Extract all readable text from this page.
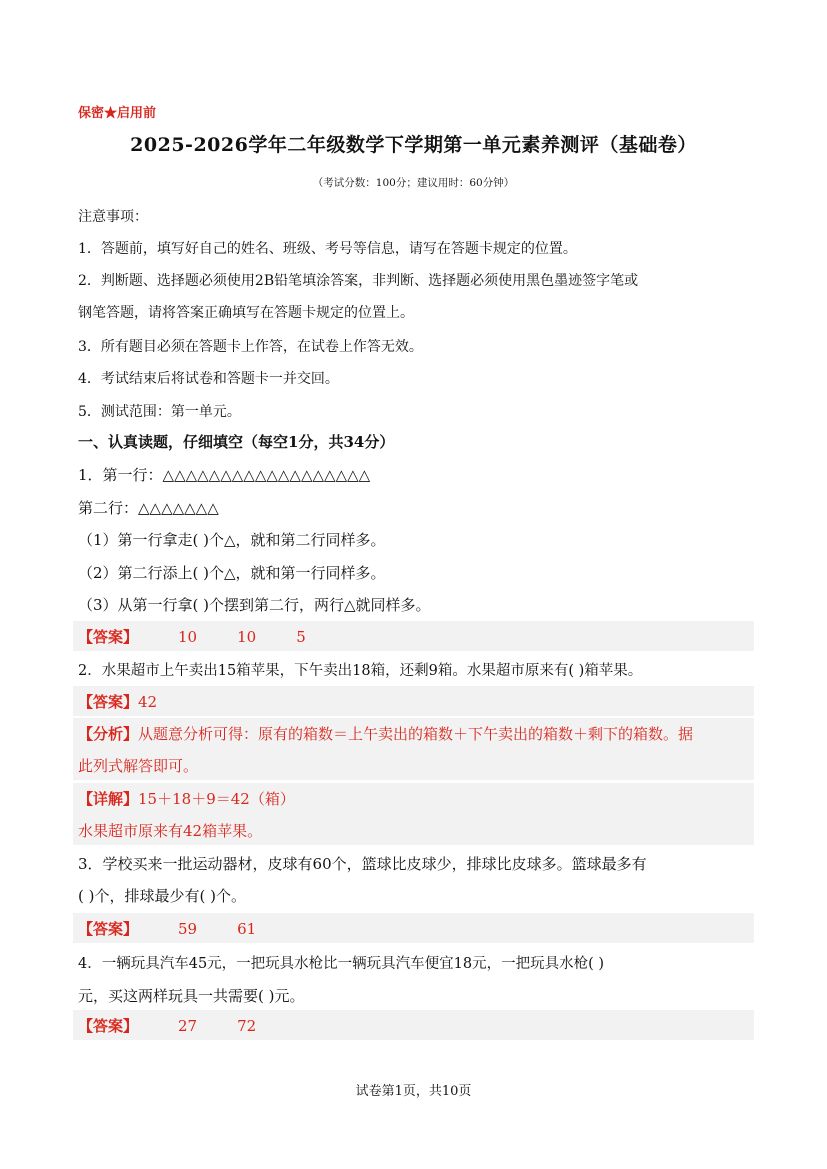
保密★启用前
2025-2026学年二年级数学下学期第一单元素养测评（基础卷）
（考试分数：100分；建议用时：60分钟）
注意事项：
1．答题前，填写好自己的姓名、班级、考号等信息，请写在答题卡规定的位置。
2．判断题、选择题必须使用2B铅笔填涂答案，非判断、选择题必须使用黑色墨迹签字笔或
钢笔答题，请将答案正确填写在答题卡规定的位置上。
3．所有题目必须在答题卡上作答，在试卷上作答无效。
4．考试结束后将试卷和答题卡一并交回。
5．测试范围：第一单元。
一、认真读题，仔细填空（每空1分，共34分）
1．第一行：△△△△△△△△△△△△△△△△△△
第二行：△△△△△△△
（1）第一行拿走( )个△，就和第二行同样多。
（2）第二行添上( )个△，就和第一行同样多。
（3）从第一行拿( )个摆到第二行，两行△就同样多。
【答案】	10	10	5
2．水果超市上午卖出15箱苹果，下午卖出18箱，还剩9箱。水果超市原来有( )箱苹果。
【答案】42
【分析】从题意分析可得：原有的箱数＝上午卖出的箱数＋下午卖出的箱数＋剩下的箱数。据
此列式解答即可。
【详解】15＋18＋9＝42（箱）
水果超市原来有42箱苹果。
3．学校买来一批运动器材，皮球有60个，篮球比皮球少，排球比皮球多。篮球最多有
( )个，排球最少有( )个。
【答案】	59	61
4．一辆玩具汽车45元，一把玩具水枪比一辆玩具汽车便宜18元，一把玩具水枪( )
元，买这两样玩具一共需要( )元。
【答案】	27	72
试卷第1页，共10页
